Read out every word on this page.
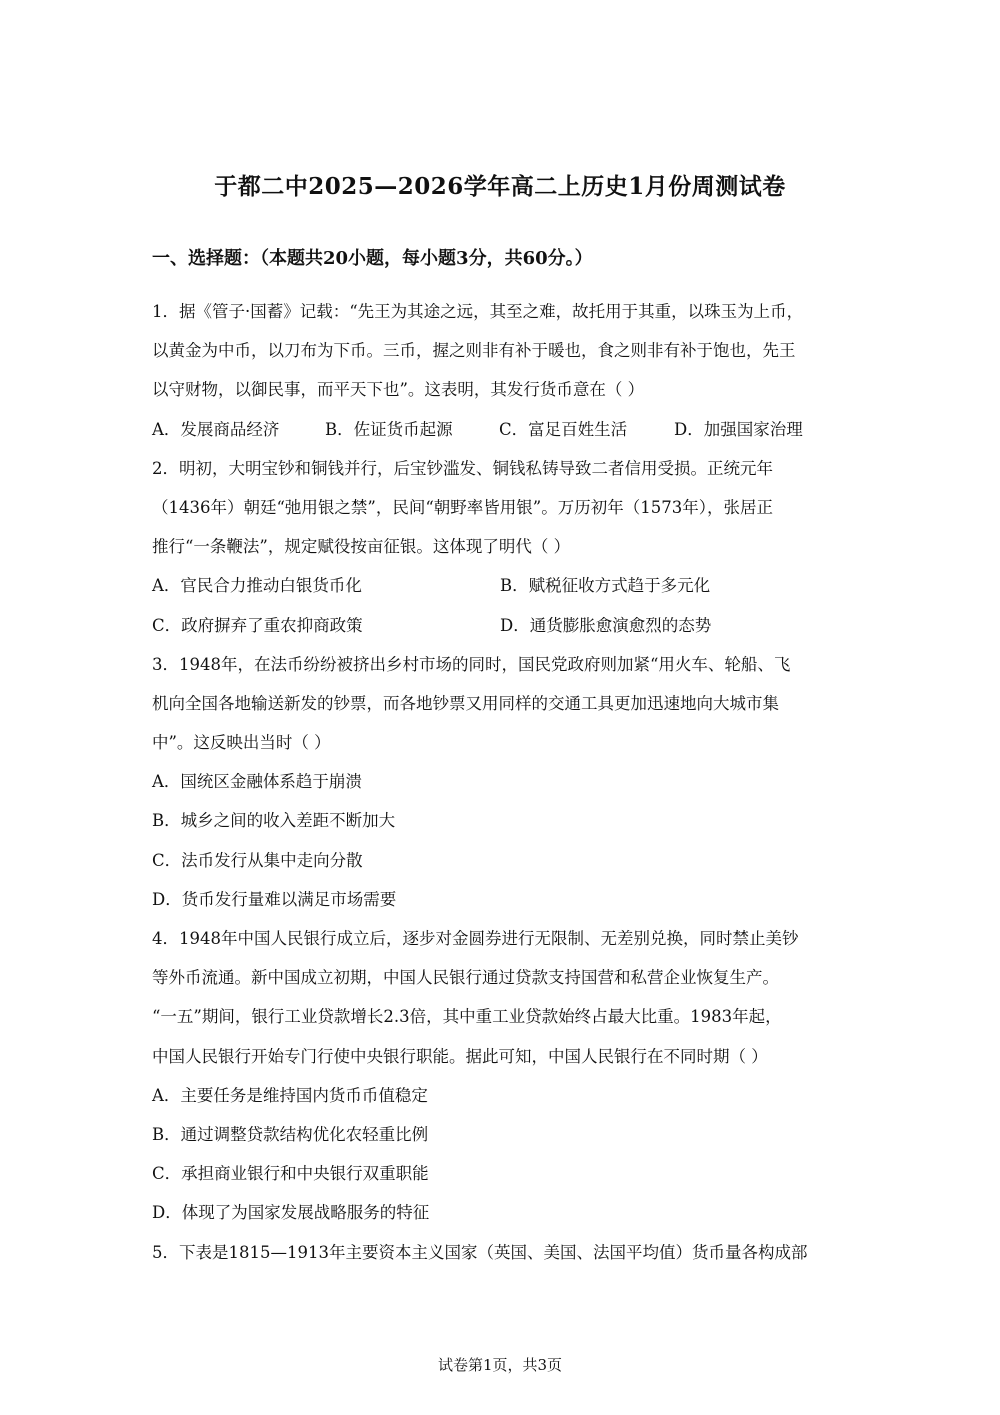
于都二中2025—2026学年高二上历史1月份周测试卷
一、选择题：（本题共20小题，每小题3分，共60分。）
1．据《管子·国蓄》记载：“先王为其途之远，其至之难，故托用于其重，以珠玉为上币，
以黄金为中币，以刀布为下币。三币，握之则非有补于暖也，食之则非有补于饱也，先王
以守财物，以御民事，而平天下也”。这表明，其发行货币意在（ ）
A．发展商品经济	B．佐证货币起源	C．富足百姓生活	D．加强国家治理
2．明初，大明宝钞和铜钱并行，后宝钞滥发、铜钱私铸导致二者信用受损。正统元年
（1436年）朝廷“弛用银之禁”，民间“朝野率皆用银”。万历初年（1573年），张居正
推行“一条鞭法”，规定赋役按亩征银。这体现了明代（ ）
A．官民合力推动白银货币化	B．赋税征收方式趋于多元化
C．政府摒弃了重农抑商政策	D．通货膨胀愈演愈烈的态势
3．1948年，在法币纷纷被挤出乡村市场的同时，国民党政府则加紧“用火车、轮船、飞
机向全国各地输送新发的钞票，而各地钞票又用同样的交通工具更加迅速地向大城市集
中”。这反映出当时（ ）
A．国统区金融体系趋于崩溃
B．城乡之间的收入差距不断加大
C．法币发行从集中走向分散
D．货币发行量难以满足市场需要
4．1948年中国人民银行成立后，逐步对金圆券进行无限制、无差别兑换，同时禁止美钞
等外币流通。新中国成立初期，中国人民银行通过贷款支持国营和私营企业恢复生产。
“一五”期间，银行工业贷款增长2.3倍，其中重工业贷款始终占最大比重。1983年起，
中国人民银行开始专门行使中央银行职能。据此可知，中国人民银行在不同时期（ ）
A．主要任务是维持国内货币币值稳定
B．通过调整贷款结构优化农轻重比例
C．承担商业银行和中央银行双重职能
D．体现了为国家发展战略服务的特征
5．下表是1815—1913年主要资本主义国家（英国、美国、法国平均值）货币量各构成部
试卷第1页，共3页
